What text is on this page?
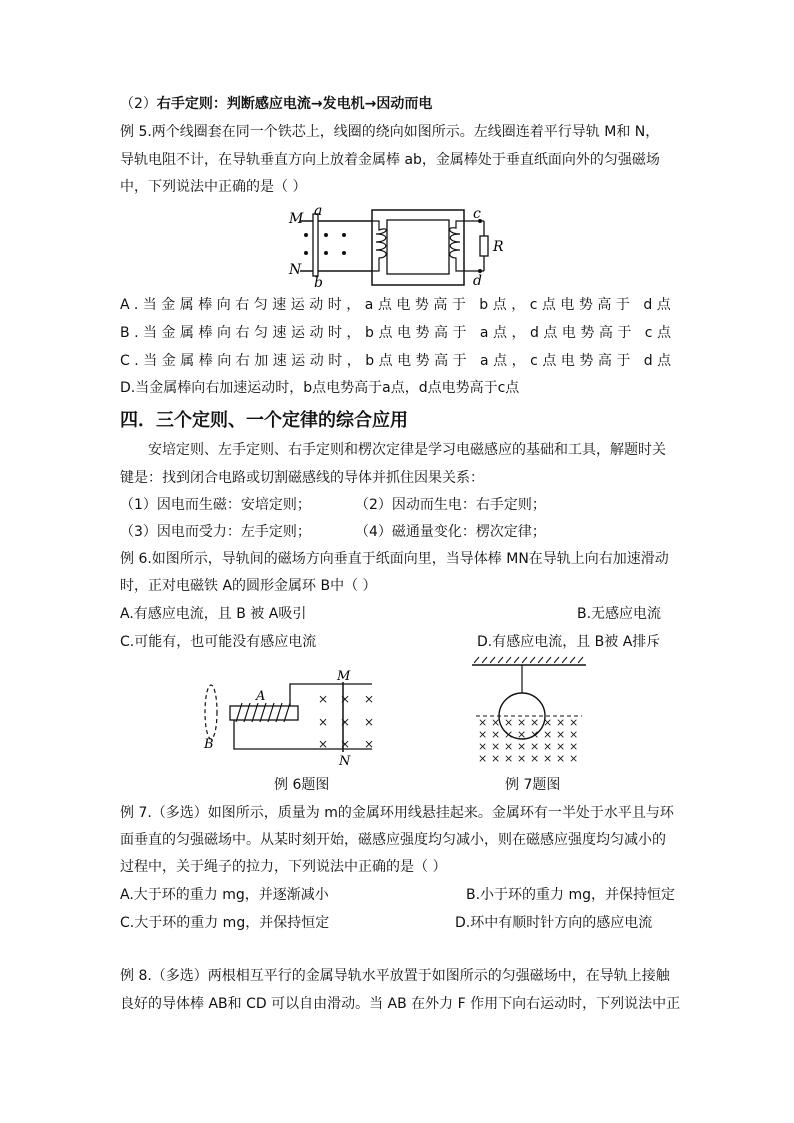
（2）右手定则：判断感应电流→发电机→因动而电
例 5.两个线圈套在同一个铁芯上，线圈的绕向如图所示。左线圈连着平行导轨 M和 N，
导轨电阻不计，在导轨垂直方向上放着金属棒 ab，金属棒处于垂直纸面向外的匀强磁场
中，下列说法中正确的是（ ）
M
N
a
b
c
d
R
A.当金属棒向右匀速运动时，a点电势高于 b点，c点电势高于 d点
B.当金属棒向右匀速运动时，b点电势高于 a点，d点电势高于 c点
C.当金属棒向右加速运动时，b点电势高于 a点，c点电势高于 d点
D.当金属棒向右加速运动时，b点电势高于a点，d点电势高于c点
四．三个定则、一个定律的综合应用
安培定则、左手定则、右手定则和楞次定律是学习电磁感应的基础和工具，解题时关
键是：找到闭合电路或切割磁感线的导体并抓住因果关系：
（1）因电而生磁：安培定则；	（2）因动而生电：右手定则；
（3）因电而受力：左手定则；	（4）磁通量变化：楞次定律；
例 6.如图所示，导轨间的磁场方向垂直于纸面向里，当导体棒 MN在导轨上向右加速滑动
时，正对电磁铁 A的圆形金属环 B中（ ）
A.有感应电流，且 B 被 A吸引	B.无感应电流
C.可能有，也可能没有感应电流	D.有感应电流，且 B被 A排斥
× × ×
× × ×
× × ×
A
B
M
N
× × × × × × × ×
× × × × × × × ×
× × × × × × × ×
× × × × × × × ×
例 6题图	例 7题图
例 7.（多选）如图所示，质量为 m的金属环用线悬挂起来。金属环有一半处于水平且与环
面垂直的匀强磁场中。从某时刻开始，磁感应强度均匀减小，则在磁感应强度均匀减小的
过程中，关于绳子的拉力，下列说法中正确的是（ ）
A.大于环的重力 mg，并逐渐减小	B.小于环的重力 mg，并保持恒定
C.大于环的重力 mg，并保持恒定	D.环中有顺时针方向的感应电流
例 8.（多选）两根相互平行的金属导轨水平放置于如图所示的匀强磁场中，在导轨上接触
良好的导体棒 AB和 CD 可以自由滑动。当 AB 在外力 F 作用下向右运动时，下列说法中正
